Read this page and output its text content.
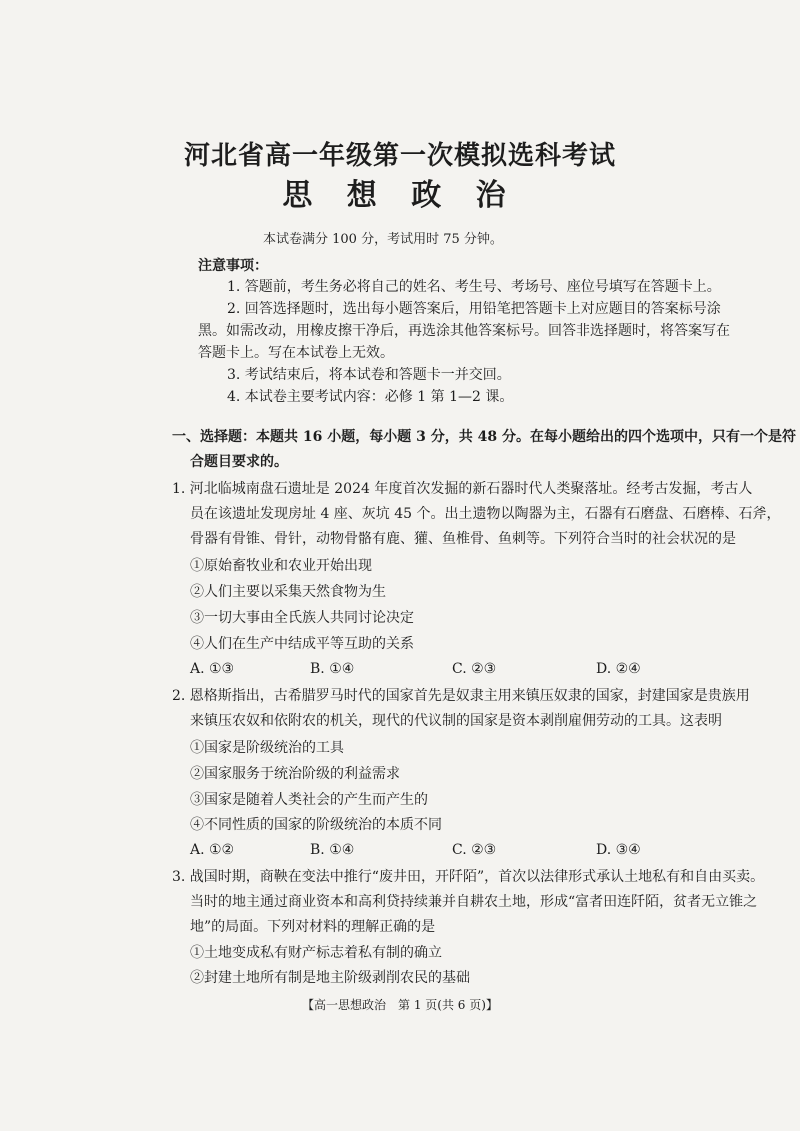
河北省高一年级第一次模拟选科考试
思 想 政 治
本试卷满分 100 分，考试用时 75 分钟。
注意事项：
1. 答题前，考生务必将自己的姓名、考生号、考场号、座位号填写在答题卡上。
2. 回答选择题时，选出每小题答案后，用铅笔把答题卡上对应题目的答案标号涂
黑。如需改动，用橡皮擦干净后，再选涂其他答案标号。回答非选择题时，将答案写在
答题卡上。写在本试卷上无效。
3. 考试结束后，将本试卷和答题卡一并交回。
4. 本试卷主要考试内容：必修 1 第 1—2 课。
一、选择题：本题共 16 小题，每小题 3 分，共 48 分。在每小题给出的四个选项中，只有一个是符
合题目要求的。
1. 河北临城南盘石遗址是 2024 年度首次发掘的新石器时代人类聚落址。经考古发掘，考古人
员在该遗址发现房址 4 座、灰坑 45 个。出土遗物以陶器为主，石器有石磨盘、石磨棒、石斧，
骨器有骨锥、骨针，动物骨骼有鹿、獾、鱼椎骨、鱼刺等。下列符合当时的社会状况的是
①原始畜牧业和农业开始出现
②人们主要以采集天然食物为生
③一切大事由全氏族人共同讨论决定
④人们在生产中结成平等互助的关系
A. ①③	B. ①④	C. ②③	D. ②④
2. 恩格斯指出，古希腊罗马时代的国家首先是奴隶主用来镇压奴隶的国家，封建国家是贵族用
来镇压农奴和依附农的机关，现代的代议制的国家是资本剥削雇佣劳动的工具。这表明
①国家是阶级统治的工具
②国家服务于统治阶级的利益需求
③国家是随着人类社会的产生而产生的
④不同性质的国家的阶级统治的本质不同
A. ①②	B. ①④	C. ②③	D. ③④
3. 战国时期，商鞅在变法中推行“废井田，开阡陌”，首次以法律形式承认土地私有和自由买卖。
当时的地主通过商业资本和高利贷持续兼并自耕农土地，形成“富者田连阡陌，贫者无立锥之
地”的局面。下列对材料的理解正确的是
①土地变成私有财产标志着私有制的确立
②封建土地所有制是地主阶级剥削农民的基础
【高一思想政治　第 1 页(共 6 页)】
